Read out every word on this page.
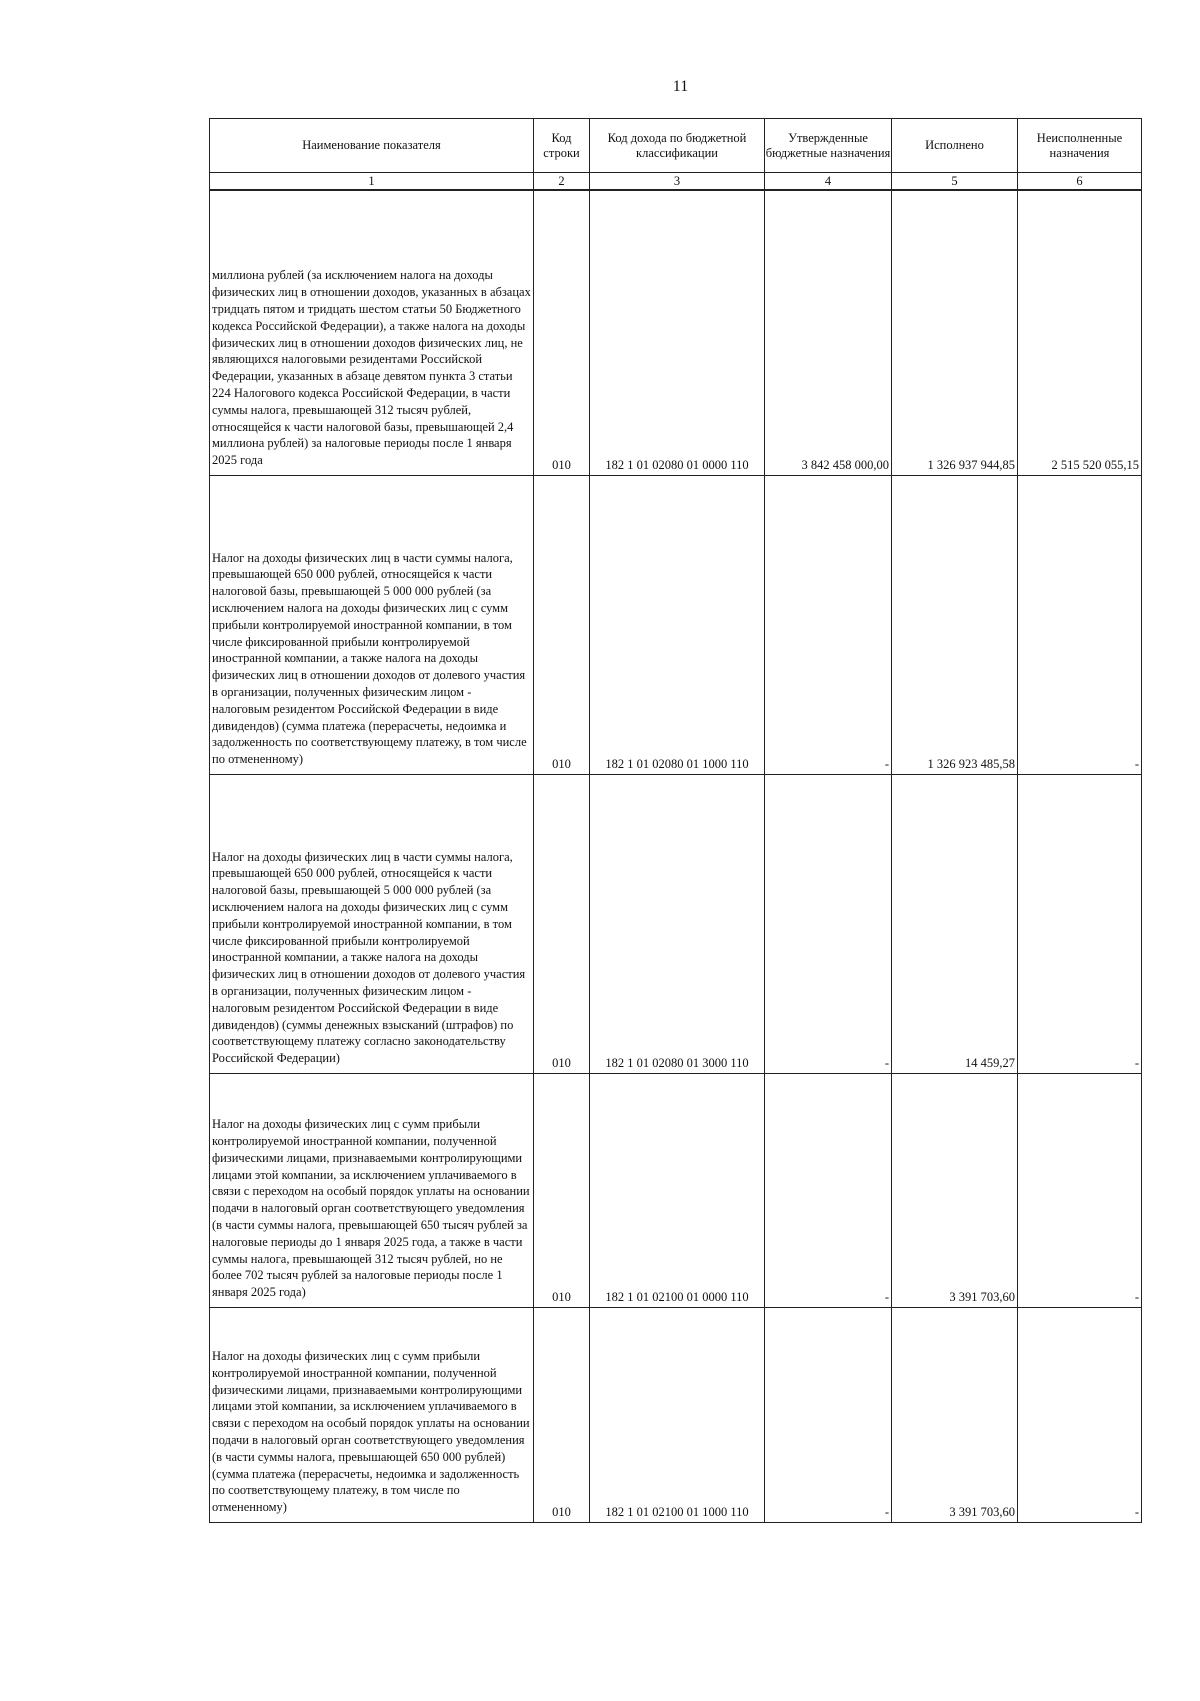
11
Наименование показателя	Код строки	Код дохода по бюджетной классификации	Утвержденные бюджетные назначения	Исполнено	Неисполненные назначения
1	2	3	4	5	6
миллиона рублей (за исключением налога на доходы физических лиц в отношении доходов, указанных в абзацах тридцать пятом и тридцать шестом статьи 50 Бюджетного кодекса Российской Федерации), а также налога на доходы физических лиц в отношении доходов физических лиц, не являющихся налоговыми резидентами Российской Федерации, указанных в абзаце девятом пункта 3 статьи 224 Налогового кодекса Российской Федерации, в части суммы налога, превышающей 312 тысяч рублей, относящейся к части налоговой базы, превышающей 2,4 миллиона рублей) за налоговые периоды после 1 января 2025 года	010	182 1 01 02080 01 0000 110	3 842 458 000,00	1 326 937 944,85	2 515 520 055,15
Налог на доходы физических лиц в части суммы налога, превышающей 650 000 рублей, относящейся к части налоговой базы, превышающей 5 000 000 рублей (за исключением налога на доходы физических лиц с сумм прибыли контролируемой иностранной компании, в том числе фиксированной прибыли контролируемой иностранной компании, а также налога на доходы физических лиц в отношении доходов от долевого участия в организации, полученных физическим лицом - налоговым резидентом Российской Федерации в виде дивидендов) (сумма платежа (перерасчеты, недоимка и задолженность по соответствующему платежу, в том числе по отмененному)	010	182 1 01 02080 01 1000 110	-	1 326 923 485,58	-
Налог на доходы физических лиц в части суммы налога, превышающей 650 000 рублей, относящейся к части налоговой базы, превышающей 5 000 000 рублей (за исключением налога на доходы физических лиц с сумм прибыли контролируемой иностранной компании, в том числе фиксированной прибыли контролируемой иностранной компании, а также налога на доходы физических лиц в отношении доходов от долевого участия в организации, полученных физическим лицом - налоговым резидентом Российской Федерации в виде дивидендов) (суммы денежных взысканий (штрафов) по соответствующему платежу согласно законодательству Российской Федерации)	010	182 1 01 02080 01 3000 110	-	14 459,27	-
Налог на доходы физических лиц с сумм прибыли контролируемой иностранной компании, полученной физическими лицами, признаваемыми контролирующими лицами этой компании, за исключением уплачиваемого в связи с переходом на особый порядок уплаты на основании подачи в налоговый орган соответствующего уведомления (в части суммы налога, превышающей 650 тысяч рублей за налоговые периоды до 1 января 2025 года, а также в части суммы налога, превышающей 312 тысяч рублей, но не более 702 тысяч рублей за налоговые периоды после 1 января 2025 года)	010	182 1 01 02100 01 0000 110	-	3 391 703,60	-
Налог на доходы физических лиц с сумм прибыли контролируемой иностранной компании, полученной физическими лицами, признаваемыми контролирующими лицами этой компании, за исключением уплачиваемого в связи с переходом на особый порядок уплаты на основании подачи в налоговый орган соответствующего уведомления (в части суммы налога, превышающей 650 000 рублей) (сумма платежа (перерасчеты, недоимка и задолженность по соответствующему платежу, в том числе по отмененному)	010	182 1 01 02100 01 1000 110	-	3 391 703,60	-
